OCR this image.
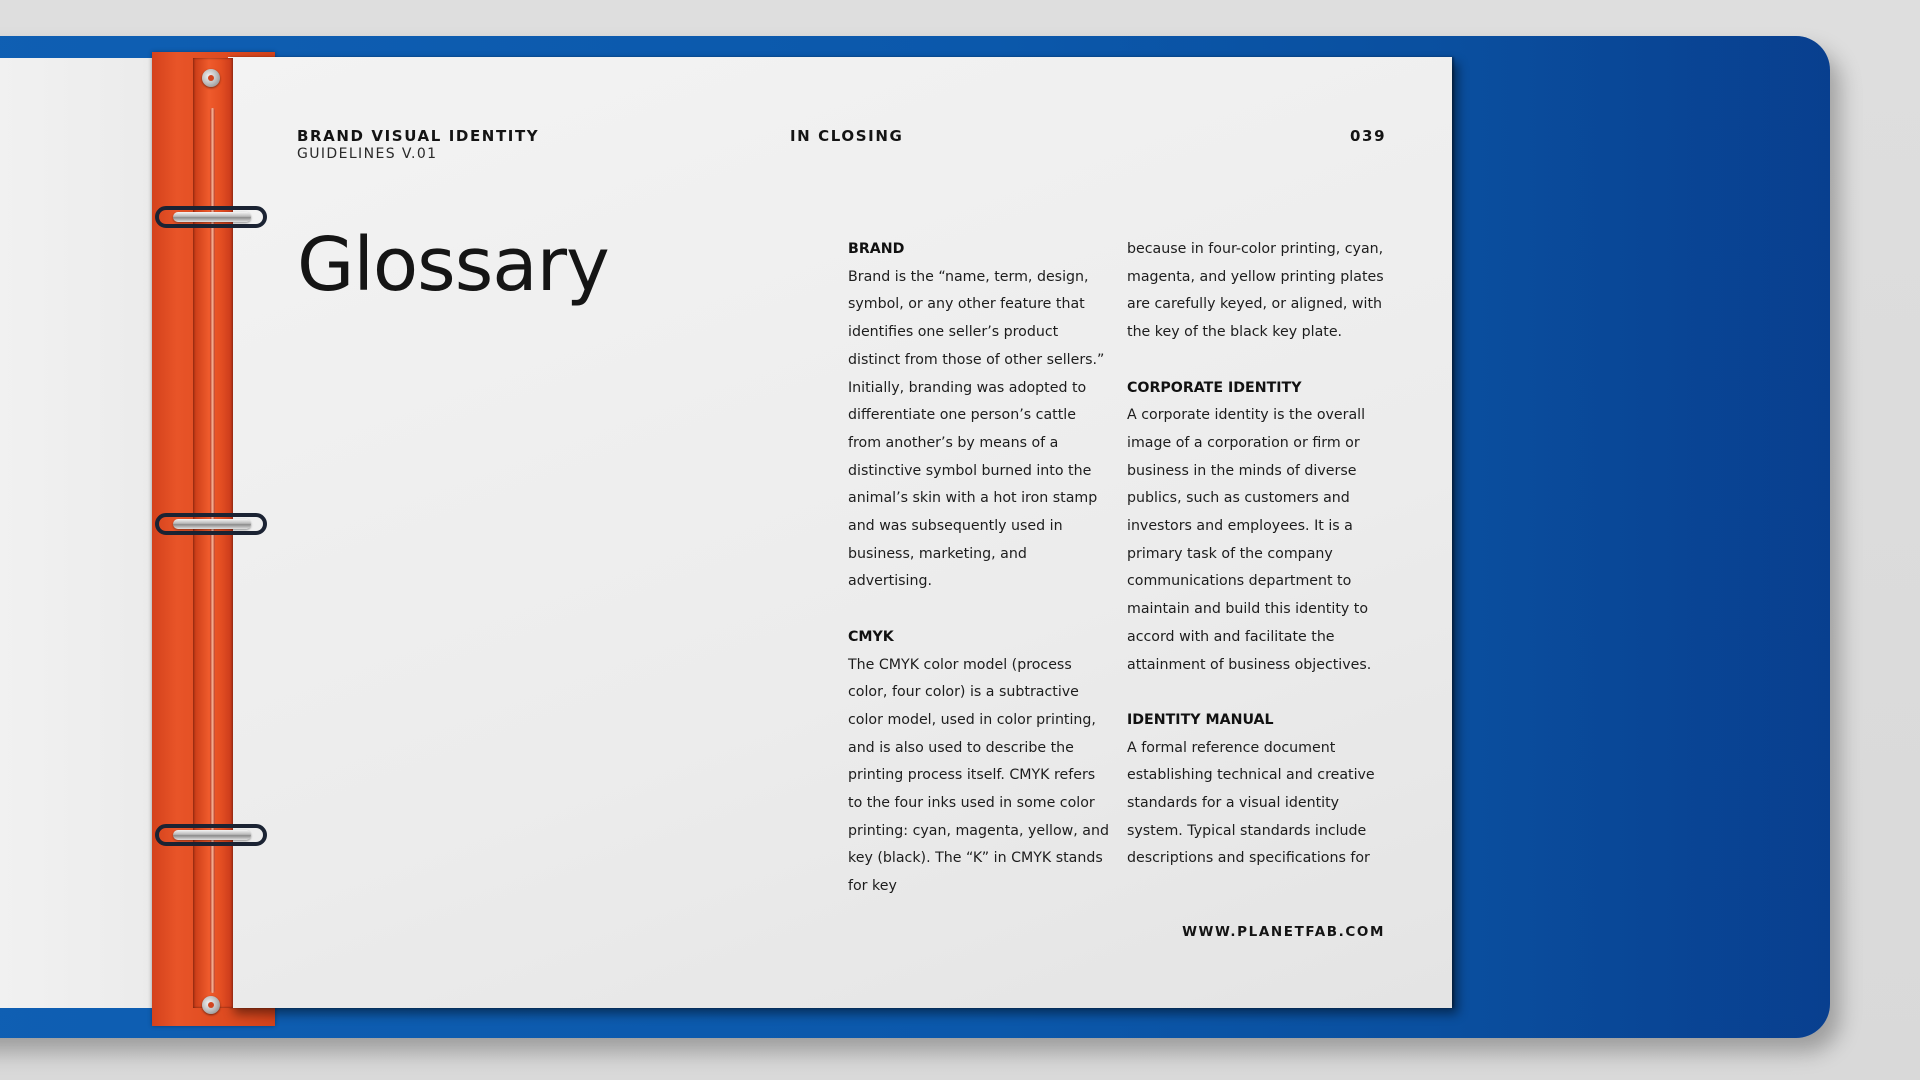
BRAND VISUAL IDENTITY
GUIDELINES V.01
IN CLOSING	039
Glossary	BRAND

Brand is the “name, term, design, symbol, or any other feature that identifies one seller’s product distinct from those of other sellers.” Initially, branding was adopted to differentiate one person’s cattle from another’s by means of a distinctive symbol burned into the animal’s skin with a hot iron stamp and was subsequently used in business, marketing, and advertising.

CMYK

The CMYK color model (process color, four color) is a subtractive color model, used in color printing, and is also used to describe the printing process itself. CMYK refers to the four inks used in some color printing: cyan, magenta, yellow, and key (black). The “K” in CMYK stands for key

because in four-color printing, cyan, magenta, and yellow printing plates are carefully keyed, or aligned, with the key of the black key plate.

CORPORATE IDENTITY

A corporate identity is the overall image of a corporation or firm or business in the minds of diverse publics, such as customers and investors and employees. It is a primary task of the company communications department to maintain and build this identity to accord with and facilitate the attainment of business objectives.

IDENTITY MANUAL

A formal reference document establishing technical and creative standards for a visual identity system. Typical standards include descriptions and specifications for

WWW.PLANETFAB.COM
